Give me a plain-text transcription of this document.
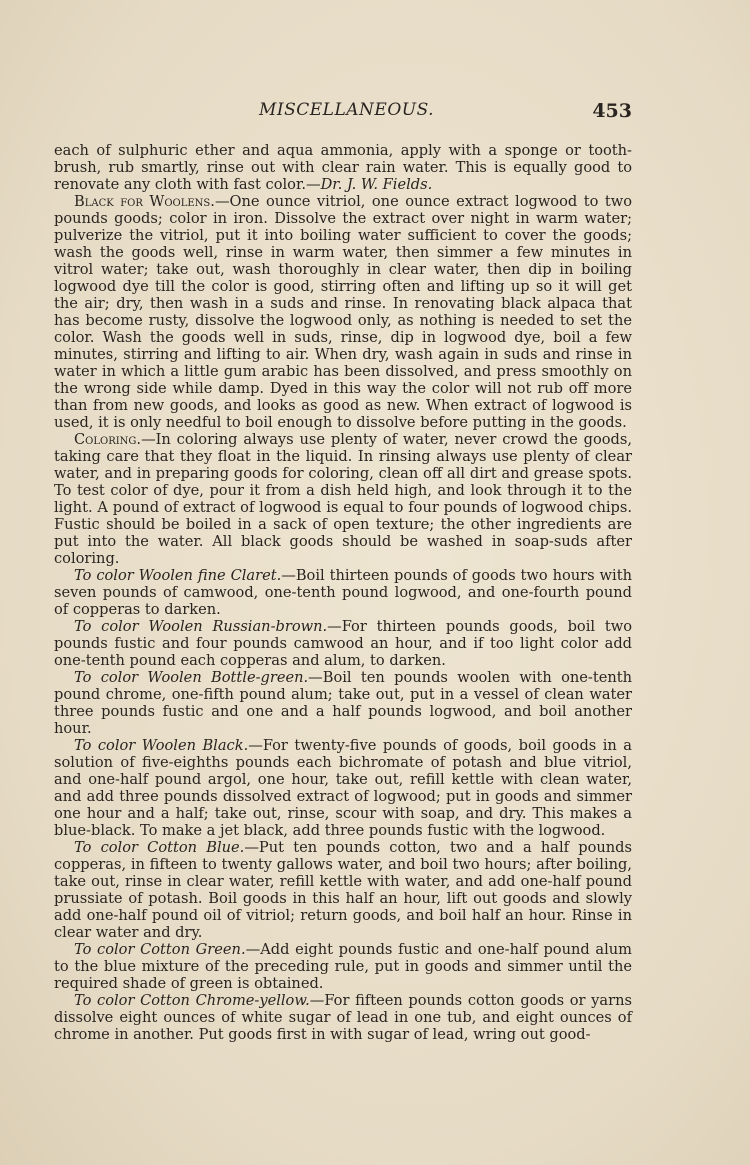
MISCELLANEOUS.	453

each of sulphuric ether and aqua ammonia, apply with a sponge or tooth-brush, rub smartly, rinse out with clear rain water. This is equally good to renovate any cloth with fast color.—Dr. J. W. Fields.

Black for Woolens.—One ounce vitriol, one ounce extract logwood to two pounds goods; color in iron. Dissolve the extract over night in warm water; pulverize the vitriol, put it into boiling water sufficient to cover the goods; wash the goods well, rinse in warm water, then simmer a few minutes in vitrol water; take out, wash thoroughly in clear water, then dip in boiling logwood dye till the color is good, stirring often and lifting up so it will get the air; dry, then wash in a suds and rinse. In renovating black alpaca that has become rusty, dissolve the logwood only, as nothing is needed to set the color. Wash the goods well in suds, rinse, dip in logwood dye, boil a few minutes, stirring and lifting to air. When dry, wash again in suds and rinse in water in which a little gum arabic has been dissolved, and press smoothly on the wrong side while damp. Dyed in this way the color will not rub off more than from new goods, and looks as good as new. When extract of logwood is used, it is only needful to boil enough to dissolve before putting in the goods.

Coloring.—In coloring always use plenty of water, never crowd the goods, taking care that they float in the liquid. In rinsing always use plenty of clear water, and in preparing goods for coloring, clean off all dirt and grease spots. To test color of dye, pour it from a dish held high, and look through it to the light. A pound of extract of logwood is equal to four pounds of logwood chips. Fustic should be boiled in a sack of open texture; the other ingredients are put into the water. All black goods should be washed in soap-suds after coloring.

To color Woolen fine Claret.—Boil thirteen pounds of goods two hours with seven pounds of camwood, one-tenth pound logwood, and one-fourth pound of copperas to darken.

To color Woolen Russian-brown.—For thirteen pounds goods, boil two pounds fustic and four pounds camwood an hour, and if too light color add one-tenth pound each copperas and alum, to darken.

To color Woolen Bottle-green.—Boil ten pounds woolen with one-tenth pound chrome, one-fifth pound alum; take out, put in a vessel of clean water three pounds fustic and one and a half pounds logwood, and boil another hour.

To color Woolen Black.—For twenty-five pounds of goods, boil goods in a solution of five-eighths pounds each bichromate of potash and blue vitriol, and one-half pound argol, one hour, take out, refill kettle with clean water, and add three pounds dissolved extract of logwood; put in goods and simmer one hour and a half; take out, rinse, scour with soap, and dry. This makes a blue-black. To make a jet black, add three pounds fustic with the logwood.

To color Cotton Blue.—Put ten pounds cotton, two and a half pounds copperas, in fifteen to twenty gallows water, and boil two hours; after boiling, take out, rinse in clear water, refill kettle with water, and add one-half pound prussiate of potash. Boil goods in this half an hour, lift out goods and slowly add one-half pound oil of vitriol; return goods, and boil half an hour. Rinse in clear water and dry.

To color Cotton Green.—Add eight pounds fustic and one-half pound alum to the blue mixture of the preceding rule, put in goods and simmer until the required shade of green is obtained.

To color Cotton Chrome-yellow.—For fifteen pounds cotton goods or yarns dissolve eight ounces of white sugar of lead in one tub, and eight ounces of chrome in another. Put goods first in with sugar of lead, wring out good-
